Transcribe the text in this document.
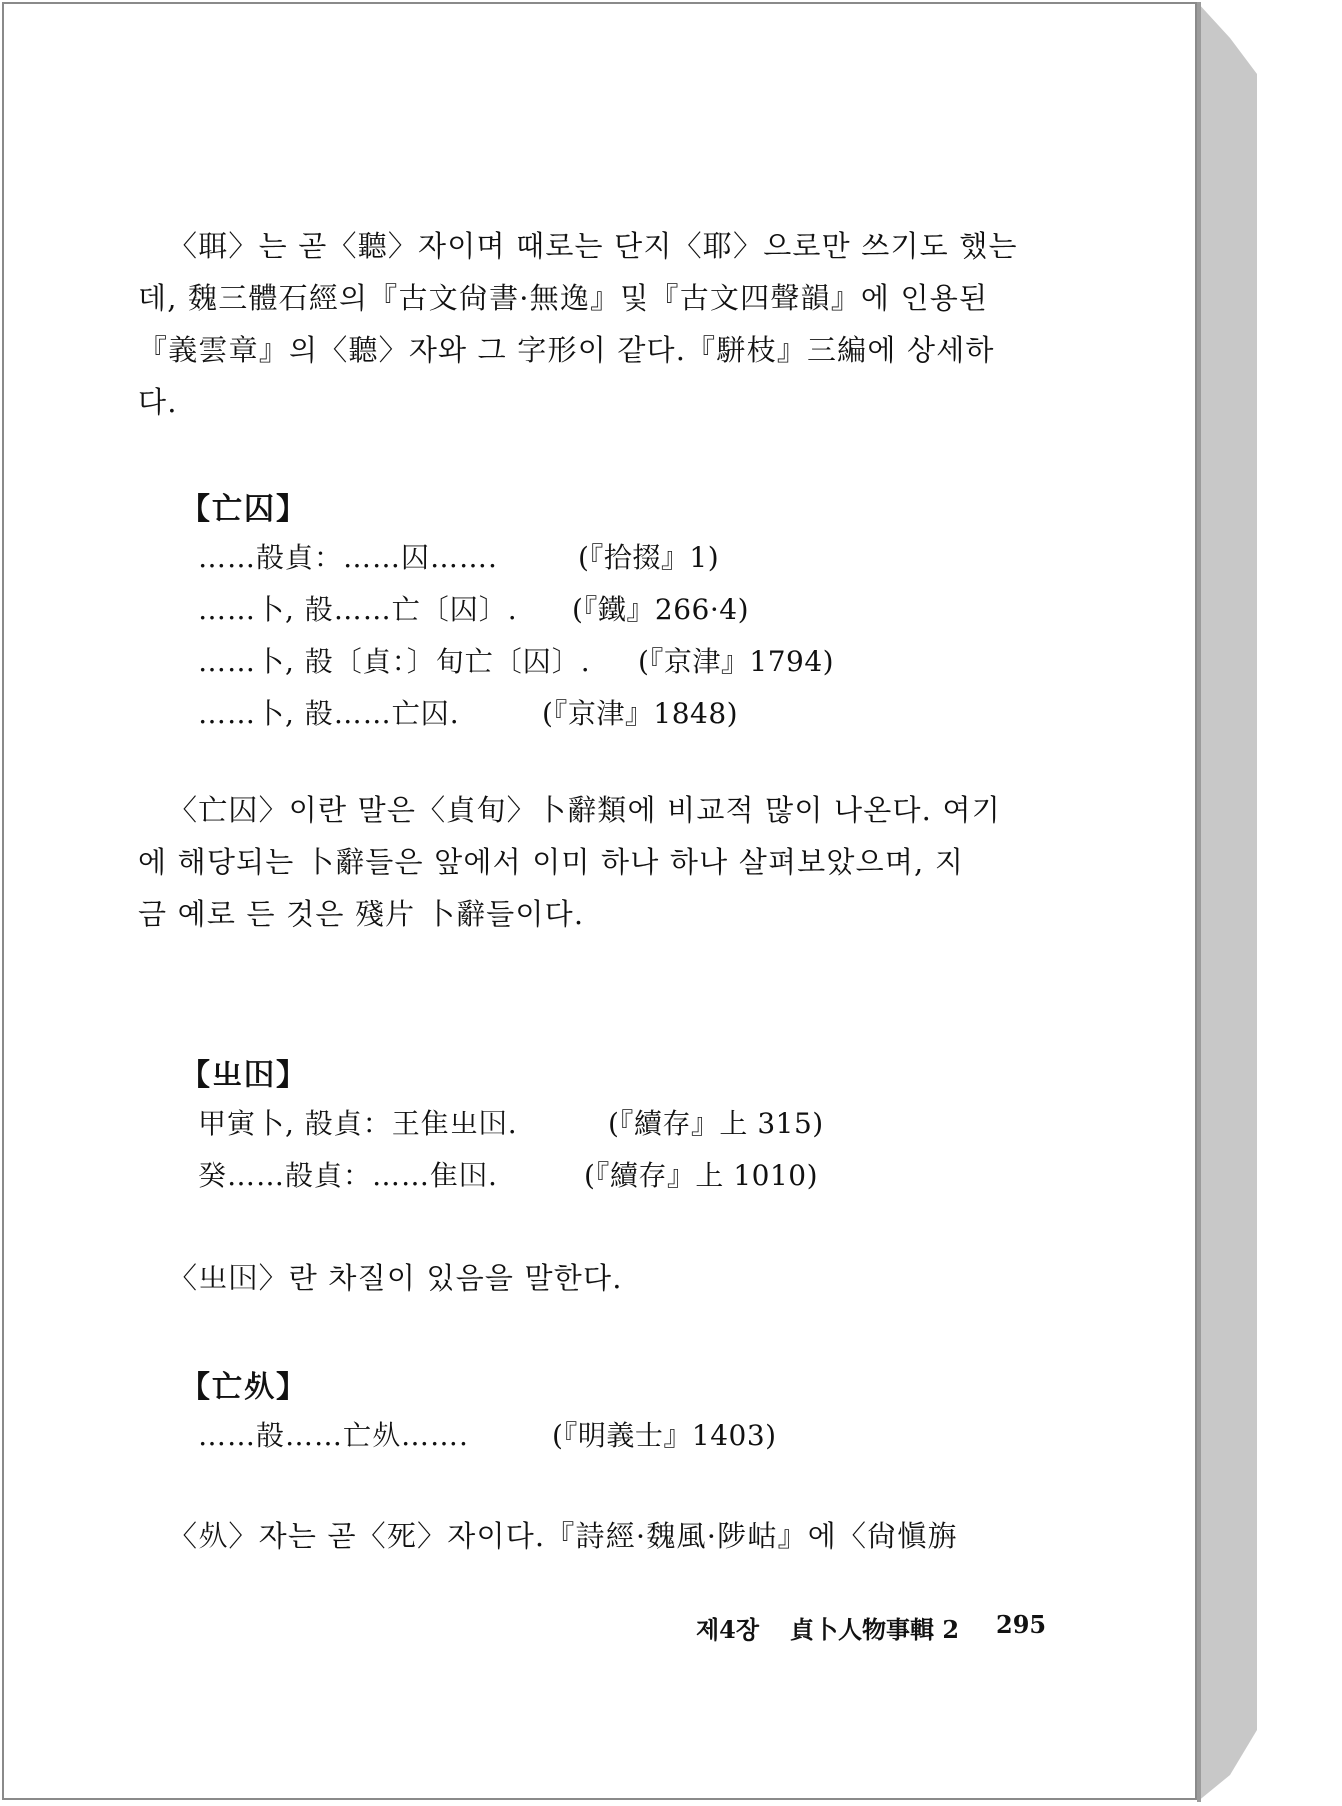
〈聑〉는 곧〈聽〉자이며 때로는 단지〈耶〉으로만 쓰기도 했는
데, 魏三體石經의『古文尙書·無逸』및『古文四聲韻』에 인용된
『義雲章』의〈聽〉자와 그 字形이 같다.『駢枝』三編에 상세하
다.
【亡囚】
……㱿貞：……囚…….	(『拾掇』1)
……卜, 㱿……亡〔囚〕. (『鐵』266·4)
……卜, 㱿〔貞：〕旬亡〔囚〕. (『京津』1794)
……卜, 㱿……亡囚.	(『京津』1848)
〈亡囚〉이란 말은〈貞旬〉卜辭類에 비교적 많이 나온다. 여기
에 해당되는 卜辭들은 앞에서 이미 하나 하나 살펴보았으며, 지
금 예로 든 것은 殘片 卜辭들이다.
【㞢𡆥】
甲寅卜, 㱿貞：王隹㞢𡆥.	(『續存』上 315)
癸……㱿貞：……隹𡆥.	(『續存』上 1010)
〈㞢𡆥〉란 차질이 있음을 말한다.
【亡𣦸】
……㱿……亡𣦸…….	(『明義士』1403)
〈𣦸〉자는 곧〈死〉자이다.『詩經·魏風·陟岵』에〈尙愼旃
제4장 貞卜人物事輯 2 295
